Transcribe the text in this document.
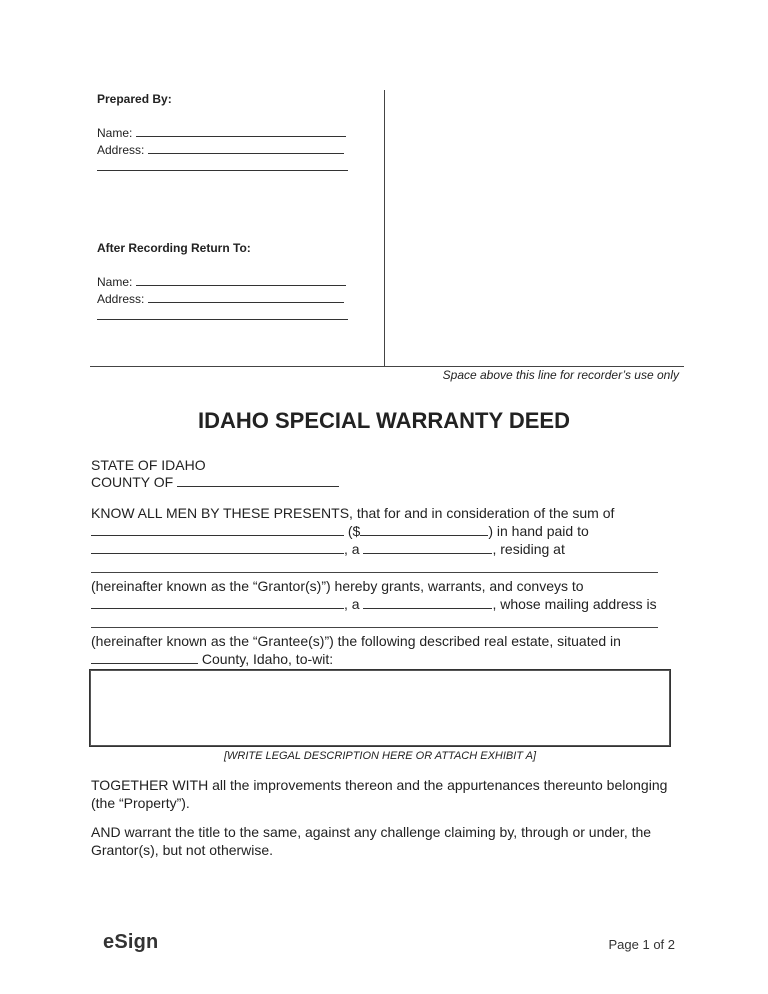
Space above this line for recorder’s use only
Prepared By:
Name:
Address:
After Recording Return To:
Name:
Address:
IDAHO SPECIAL WARRANTY DEED
STATE OF IDAHO
COUNTY OF
KNOW ALL MEN BY THESE PRESENTS, that for and in consideration of the sum of
($	) in hand paid to
, a	, residing at
(hereinafter known as the “Grantor(s)”) hereby grants, warrants, and conveys to
, a	, whose mailing address is
(hereinafter known as the “Grantee(s)”) the following described real estate, situated in
County, Idaho, to-wit:
[WRITE LEGAL DESCRIPTION HERE OR ATTACH EXHIBIT A]
TOGETHER WITH all the improvements thereon and the appurtenances thereunto belonging
(the “Property”).
AND warrant the title to the same, against any challenge claiming by, through or under, the
Grantor(s), but not otherwise.
eSign	Page 1 of 2
